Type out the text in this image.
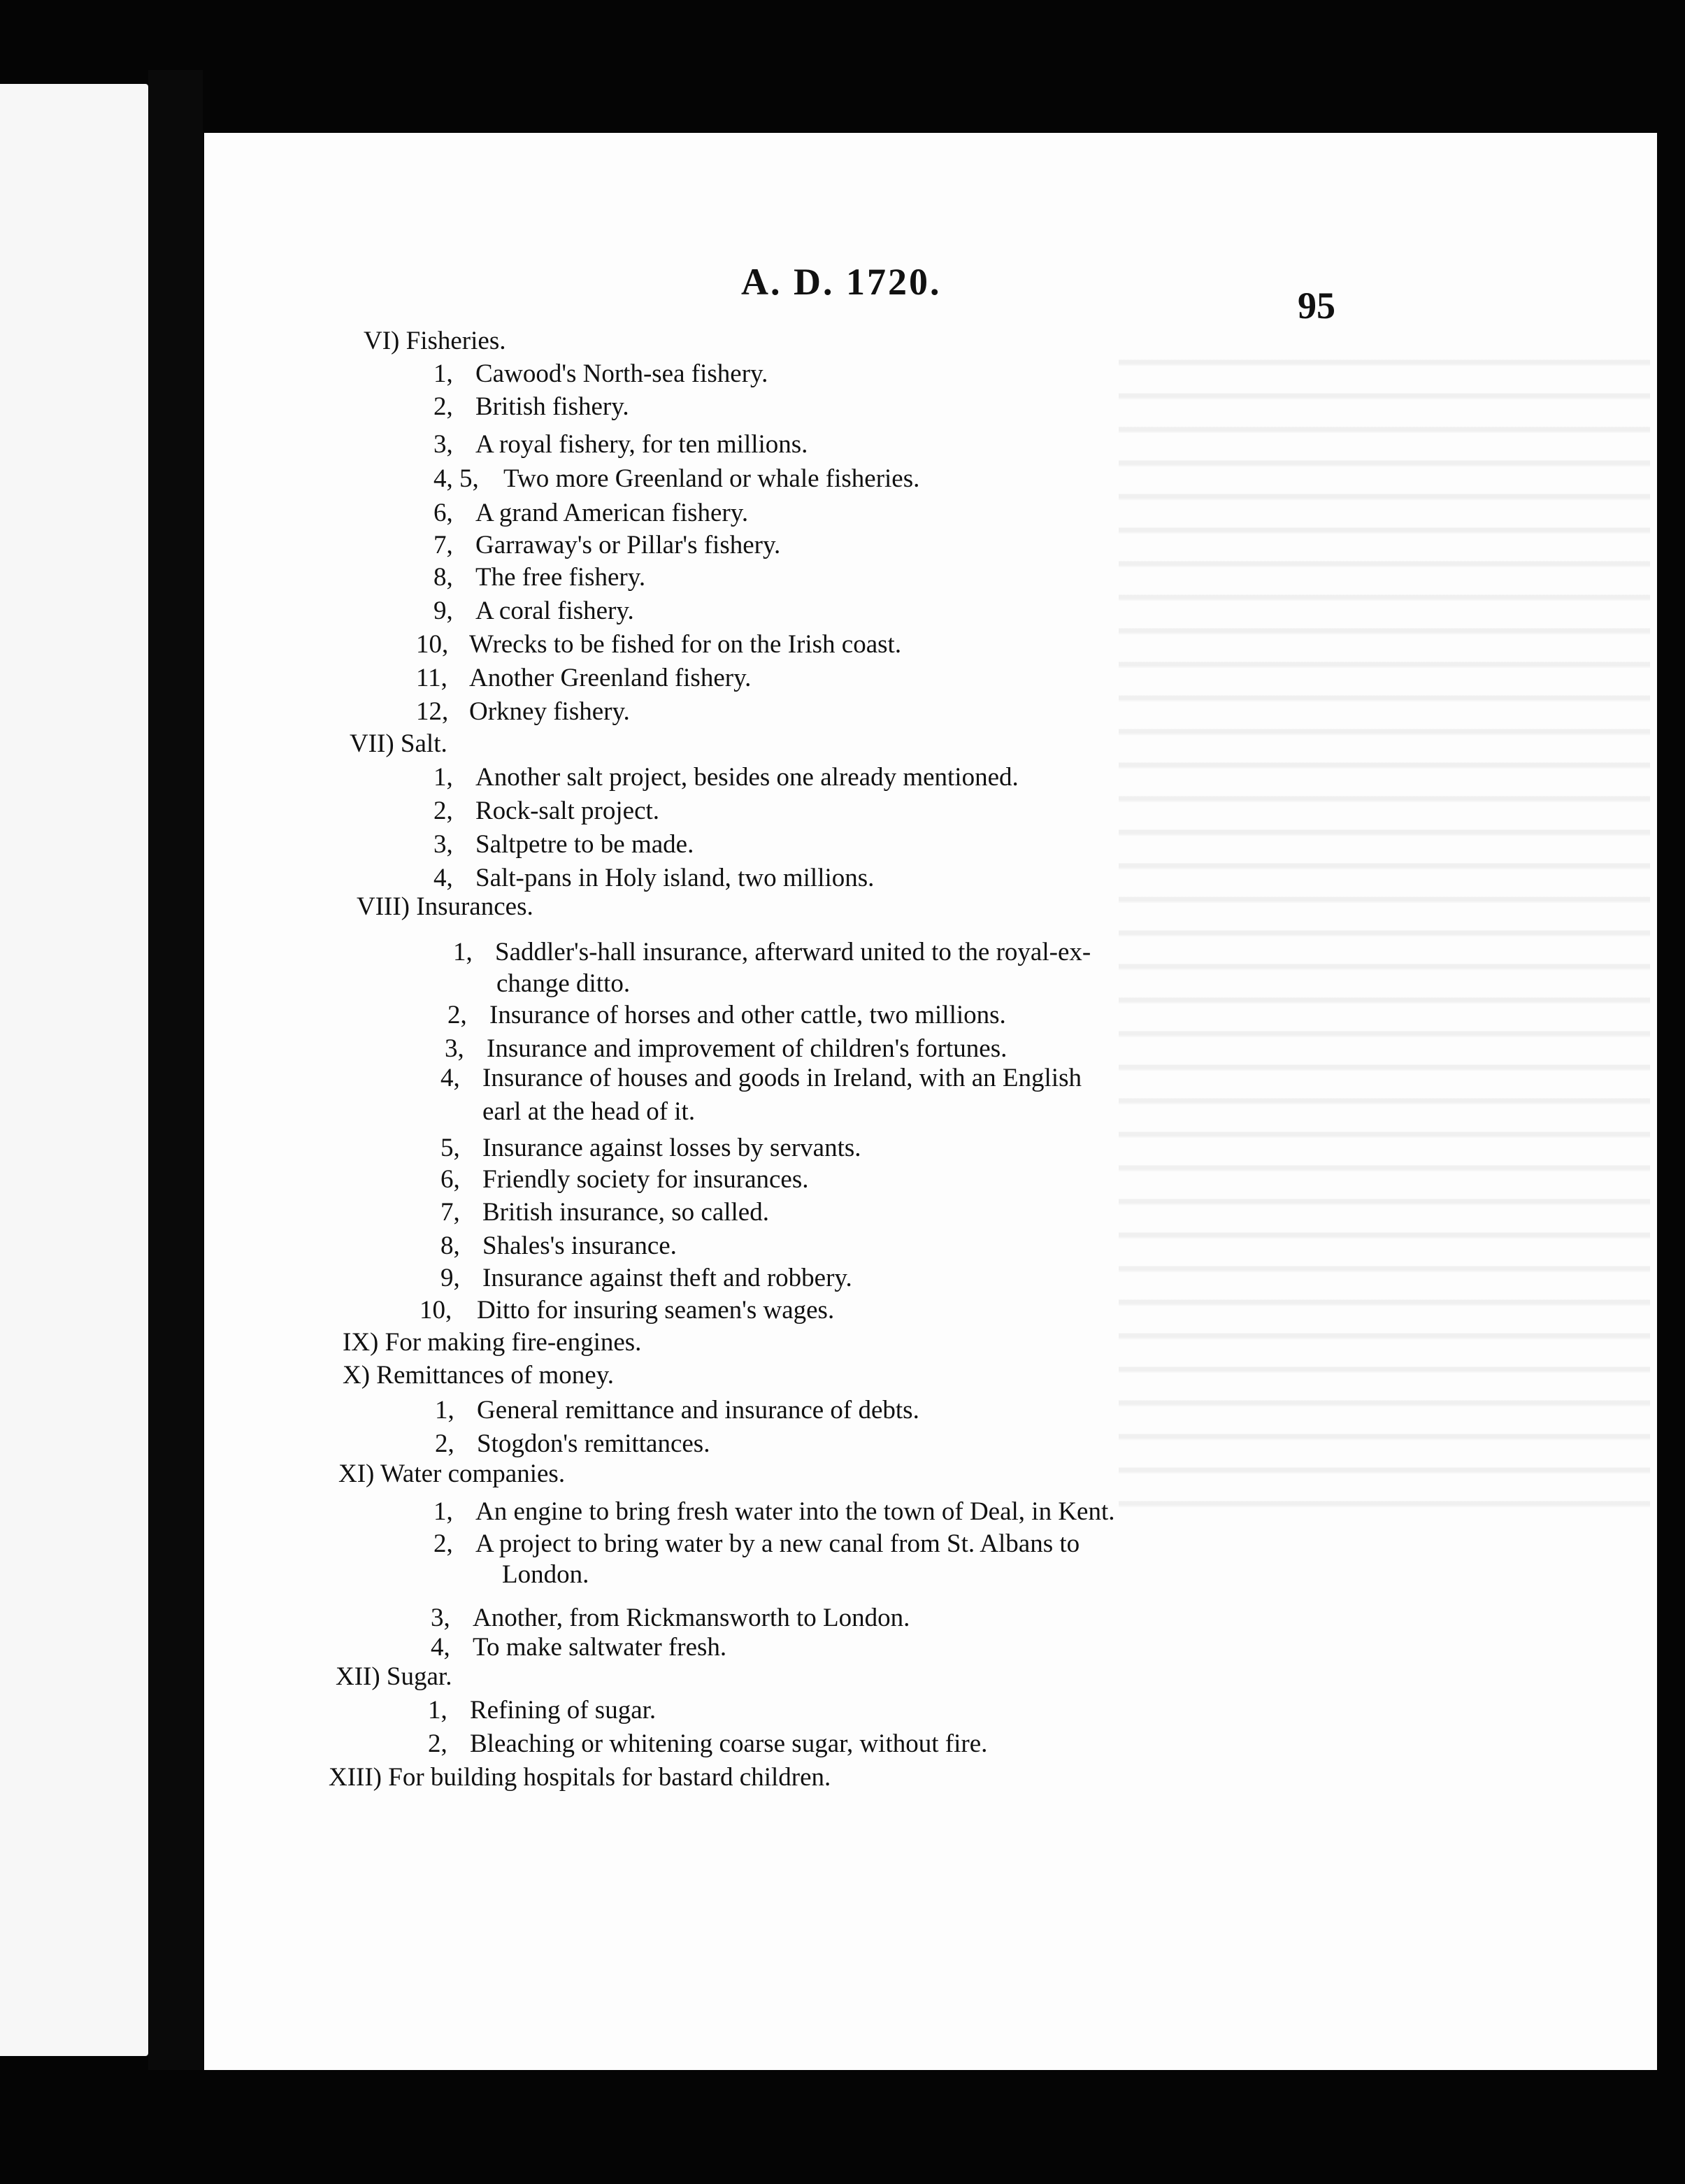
A. D. 1720.
95
VI) Fisheries.
1, Cawood's North-sea fishery.
2, British fishery.
3, A royal fishery, for ten millions.
4, 5, Two more Greenland or whale fisheries.
6, A grand American fishery.
7, Garraway's or Pillar's fishery.
8, The free fishery.
9, A coral fishery.
10, Wrecks to be fished for on the Irish coast.
11, Another Greenland fishery.
12, Orkney fishery.
VII) Salt.
1, Another salt project, besides one already mentioned.
2, Rock-salt project.
3, Saltpetre to be made.
4, Salt-pans in Holy island, two millions.
VIII) Insurances.
1, Saddler's-hall insurance, afterward united to the royal-ex-
change ditto.
2, Insurance of horses and other cattle, two millions.
3, Insurance and improvement of children's fortunes.
4, Insurance of houses and goods in Ireland, with an English
earl at the head of it.
5, Insurance against losses by servants.
6, Friendly society for insurances.
7, British insurance, so called.
8, Shales's insurance.
9, Insurance against theft and robbery.
10, Ditto for insuring seamen's wages.
IX) For making fire-engines.
X) Remittances of money.
1, General remittance and insurance of debts.
2, Stogdon's remittances.
XI) Water companies.
1, An engine to bring fresh water into the town of Deal, in Kent.
2, A project to bring water by a new canal from St. Albans to
London.
3, Another, from Rickmansworth to London.
4, To make saltwater fresh.
XII) Sugar.
1, Refining of sugar.
2, Bleaching or whitening coarse sugar, without fire.
XIII) For building hospitals for bastard children.
